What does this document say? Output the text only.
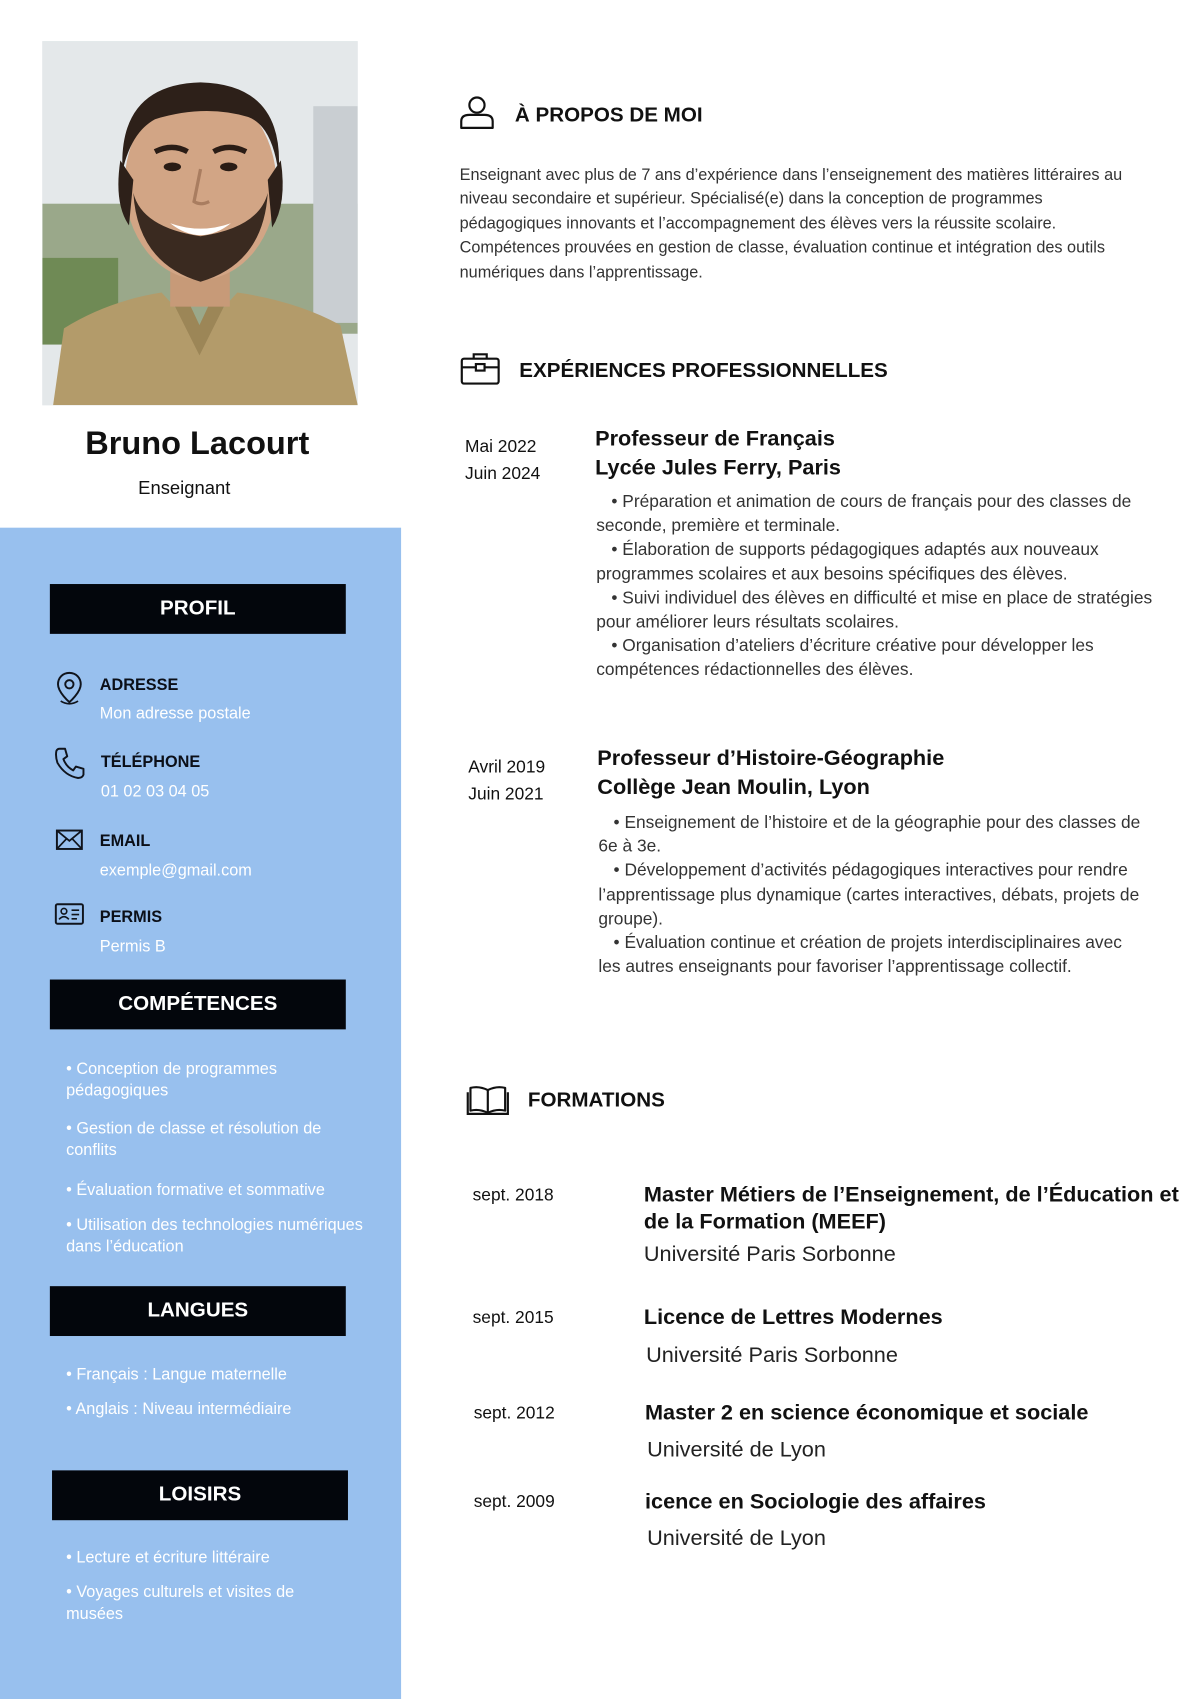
Bruno Lacourt
Enseignant
PROFIL
ADRESSE
Mon adresse postale
TÉLÉPHONE
01 02 03 04 05
EMAIL
exemple@gmail.com
PERMIS
Permis B
COMPÉTENCES
• Conception de programmes pédagogiques
• Gestion de classe et résolution de conflits
• Évaluation formative et sommative
• Utilisation des technologies numériques dans l’éducation
LANGUES
• Français : Langue maternelle
• Anglais : Niveau intermédiaire
LOISIRS
• Lecture et écriture littéraire
• Voyages culturels et visites de musées
À PROPOS DE MOI
Enseignant avec plus de 7 ans d’expérience dans l’enseignement des matières littéraires au niveau secondaire et supérieur. Spécialisé(e) dans la conception de programmes pédagogiques innovants et l’accompagnement des élèves vers la réussite scolaire. Compétences prouvées en gestion de classe, évaluation continue et intégration des outils numériques dans l’apprentissage.
EXPÉRIENCES PROFESSIONNELLES
Mai 2022
Juin 2024
Professeur de Français
Lycée Jules Ferry, Paris
• Préparation et animation de cours de français pour des classes de seconde, première et terminale.
• Élaboration de supports pédagogiques adaptés aux nouveaux programmes scolaires et aux besoins spécifiques des élèves.
• Suivi individuel des élèves en difficulté et mise en place de stratégies pour améliorer leurs résultats scolaires.
• Organisation d’ateliers d’écriture créative pour développer les compétences rédactionnelles des élèves.
Avril 2019
Juin 2021
Professeur d’Histoire-Géographie
Collège Jean Moulin, Lyon
• Enseignement de l’histoire et de la géographie pour des classes de 6e à 3e.
• Développement d’activités pédagogiques interactives pour rendre l’apprentissage plus dynamique (cartes interactives, débats, projets de groupe).
• Évaluation continue et création de projets interdisciplinaires avec les autres enseignants pour favoriser l’apprentissage collectif.
FORMATIONS
sept. 2018	Master Métiers de l’Enseignement, de l’Éducation et de la Formation (MEEF)
Université Paris Sorbonne
sept. 2015	Licence de Lettres Modernes
Université Paris Sorbonne
sept. 2012	Master 2 en science économique et sociale
Université de Lyon
sept. 2009	icence en Sociologie des affaires
Université de Lyon
